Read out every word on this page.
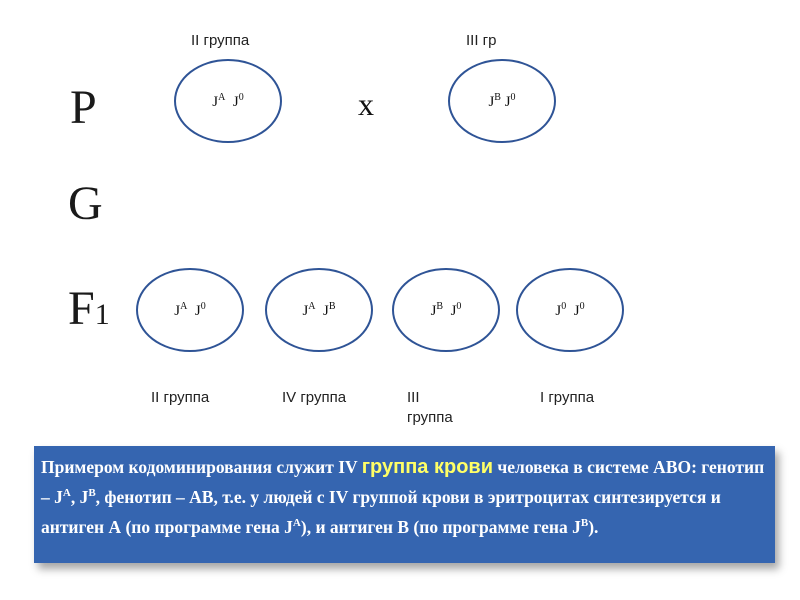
P
G
F1
II группа
$J^A$ $J^0$	x
III гр
$J^B$ $J^0$
$J^A$ $J^0$	$J^A$ $J^B$	$J^B$ $J^0$	$J^0$ $J^0$
II группа	IV группа	III
группа
I группа
Примером кодоминирования служит IV группа крови человека в системе АВО: генотип – $J^A$, $J^B$, фенотип – АВ, т.е. у людей с IV группой крови в эритроцитах синтезируется и антиген А (по программе гена $J^A$), и антиген В (по программе гена $J^B$).
